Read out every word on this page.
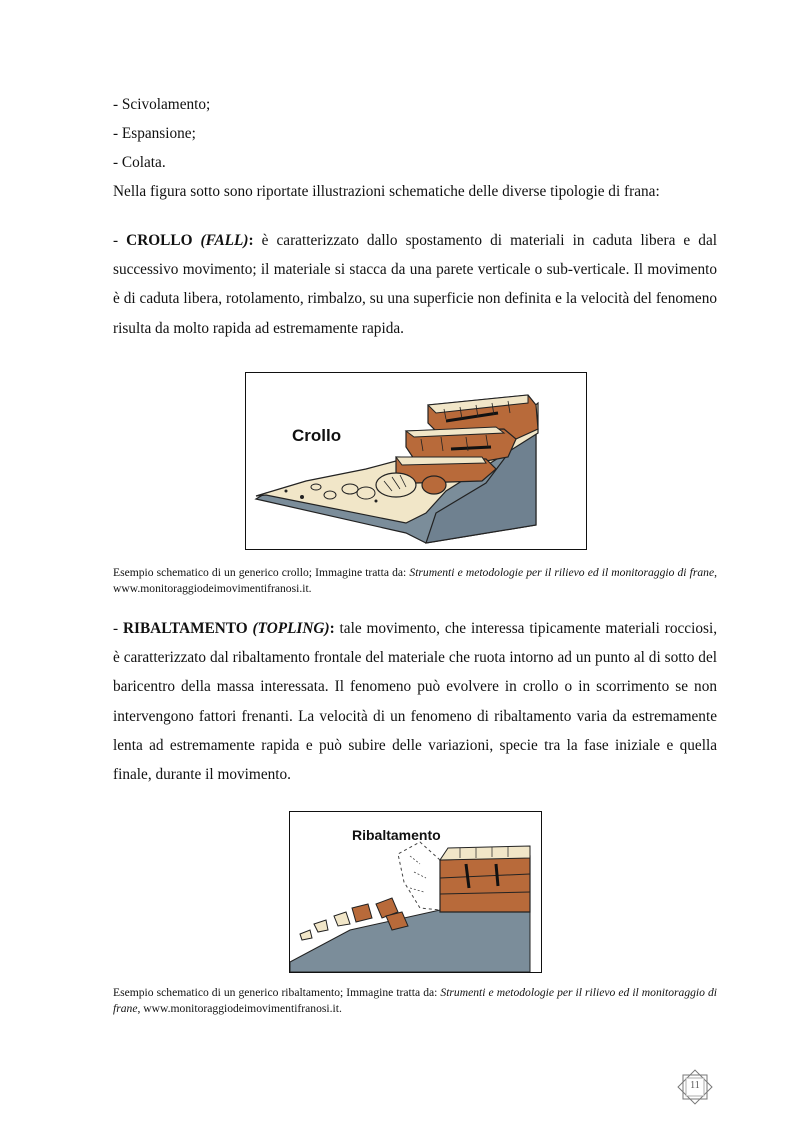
- Scivolamento;
- Espansione;
- Colata.
Nella figura sotto sono riportate illustrazioni schematiche delle diverse tipologie di frana:
- CROLLO (FALL): è caratterizzato dallo spostamento di materiali in caduta libera e dal successivo movimento; il materiale si stacca da una parete verticale o sub-verticale. Il movimento è di caduta libera, rotolamento, rimbalzo, su una superficie non definita e la velocità del fenomeno risulta da molto rapida ad estremamente rapida.
Crollo
Esempio schematico di un generico crollo; Immagine tratta da: Strumenti e metodologie per il rilievo ed il monitoraggio di frane, www.monitoraggiodeimovimentifranosi.it.
- RIBALTAMENTO (TOPLING): tale movimento, che interessa tipicamente materiali rocciosi, è caratterizzato dal ribaltamento frontale del materiale che ruota intorno ad un punto al di sotto del baricentro della massa interessata. Il fenomeno può evolvere in crollo o in scorrimento se non intervengono fattori frenanti. La velocità di un fenomeno di ribaltamento varia da estremamente lenta ad estremamente rapida e può subire delle variazioni, specie tra la fase iniziale e quella finale, durante il movimento.
Ribaltamento
Esempio schematico di un generico ribaltamento; Immagine tratta da: Strumenti e metodologie per il rilievo ed il monitoraggio di frane, www.monitoraggiodeimovimentifranosi.it.
11
